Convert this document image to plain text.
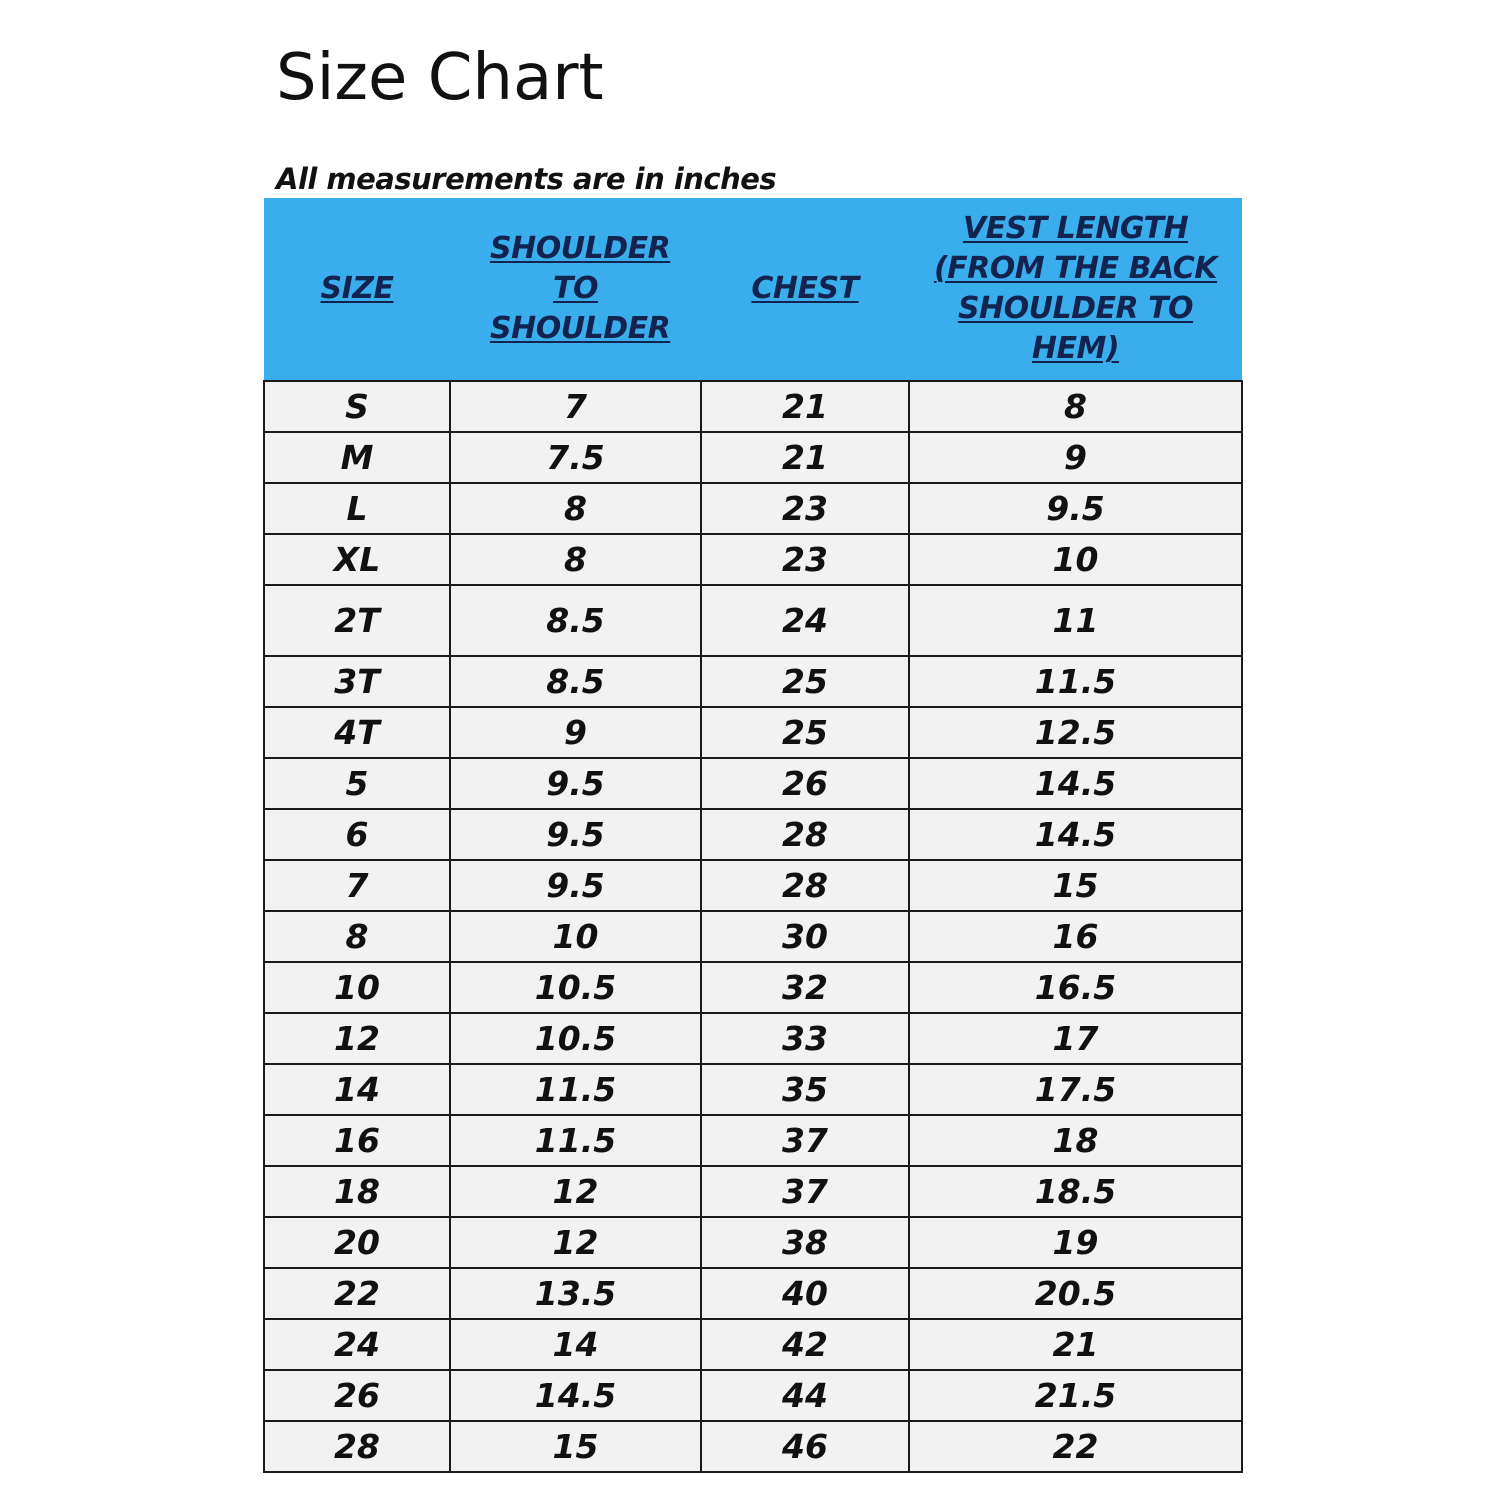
Size Chart
All measurements are in inches
SIZE	SHOULDER TO SHOULDER	CHEST	VEST LENGTH (FROM THE BACK SHOULDER TO HEM)
S	7	21	8
M	7.5	21	9
L	8	23	9.5
XL	8	23	10
2T	8.5	24	11
3T	8.5	25	11.5
4T	9	25	12.5
5	9.5	26	14.5
6	9.5	28	14.5
7	9.5	28	15
8	10	30	16
10	10.5	32	16.5
12	10.5	33	17
14	11.5	35	17.5
16	11.5	37	18
18	12	37	18.5
20	12	38	19
22	13.5	40	20.5
24	14	42	21
26	14.5	44	21.5
28	15	46	22
